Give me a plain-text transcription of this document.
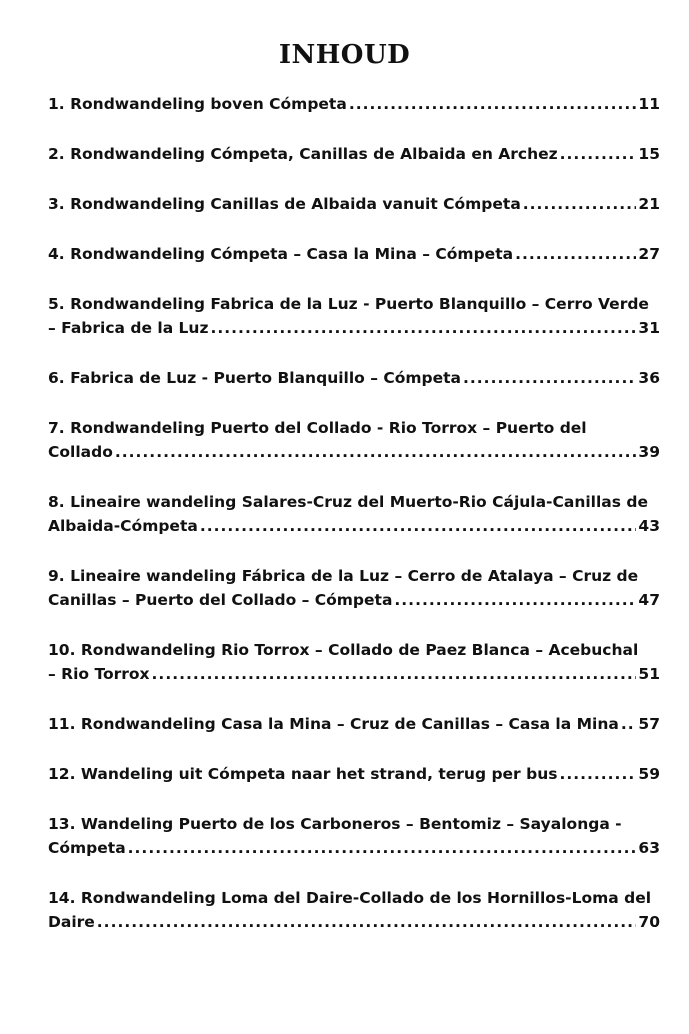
INHOUD
1. Rondwandeling boven Cómpeta .....	11
2. Rondwandeling Cómpeta, Canillas de Albaida en Archez .....	15
3. Rondwandeling Canillas de Albaida vanuit Cómpeta .....	21
4. Rondwandeling Cómpeta – Casa la Mina – Cómpeta .....	27
5. Rondwandeling Fabrica de la Luz - Puerto Blanquillo – Cerro Verde
– Fabrica de la Luz .....	31
6. Fabrica de Luz - Puerto Blanquillo – Cómpeta .....	36
7. Rondwandeling Puerto del Collado - Rio Torrox – Puerto del
Collado .....	39
8. Lineaire wandeling Salares-Cruz del Muerto-Rio Cájula-Canillas de
Albaida-Cómpeta .....	43
9. Lineaire wandeling Fábrica de la Luz – Cerro de Atalaya – Cruz de
Canillas – Puerto del Collado – Cómpeta .....	47
10. Rondwandeling Rio Torrox – Collado de Paez Blanca – Acebuchal
– Rio Torrox .....	51
11. Rondwandeling Casa la Mina – Cruz de Canillas – Casa la Mina ..... 57
12. Wandeling uit Cómpeta naar het strand, terug per bus .....	59
13. Wandeling Puerto de los Carboneros – Bentomiz – Sayalonga -
Cómpeta .....	63
14. Rondwandeling Loma del Daire-Collado de los Hornillos-Loma del
Daire .....	70
